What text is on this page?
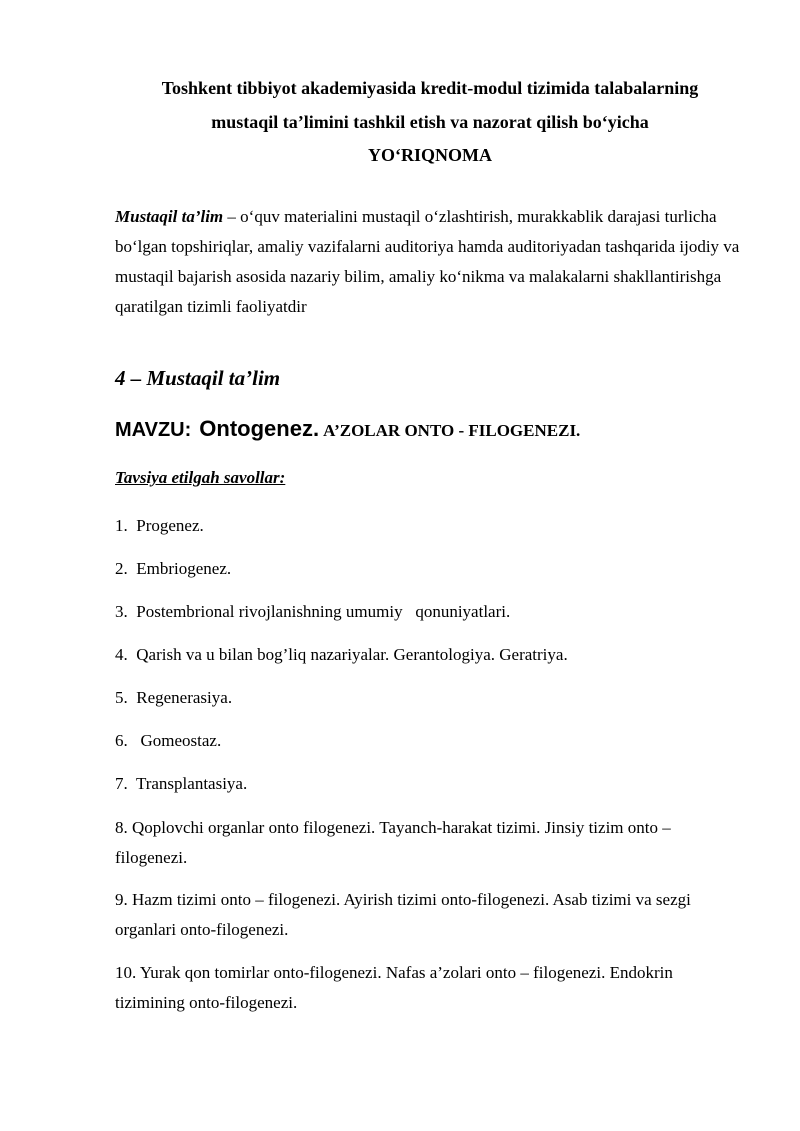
Toshkent tibbiyot akademiyasida kredit-modul tizimida talabalarning
mustaqil ta’limini tashkil etish va nazorat qilish bo‘yicha
YO‘RIQNOMA
Mustaqil ta’lim – o‘quv materialini mustaqil o‘zlashtirish, murakkablik darajasi turlicha bo‘lgan topshiriqlar, amaliy vazifalarni auditoriya hamda auditoriyadan tashqarida ijodiy va mustaqil bajarish asosida nazariy bilim, amaliy ko‘nikma va malakalarni shakllantirishga qaratilgan tizimli faoliyatdir
4 – Mustaqil ta’lim
MAVZU: Ontogenez. A’ZOLAR ONTO - FILOGENEZI.
Tavsiya etilgah savollar:
1.  Progenez.
2.  Embriogenez.
3.  Postembrional rivojlanishning umumiy   qonuniyatlari.
4.  Qarish va u bilan bog’liq nazariyalar. Gerantologiya. Geratriya.
5.  Regenerasiya.
6.   Gomeostaz.
7.  Transplantasiya.
8. Qoplovchi organlar onto filogenezi. Tayanch-harakat tizimi. Jinsiy tizim onto – filogenezi.
9. Hazm tizimi onto – filogenezi. Ayirish tizimi onto-filogenezi. Asab tizimi va sezgi organlari onto-filogenezi.
10. Yurak qon tomirlar onto-filogenezi. Nafas a’zolari onto – filogenezi. Endokrin tizimining onto-filogenezi.
